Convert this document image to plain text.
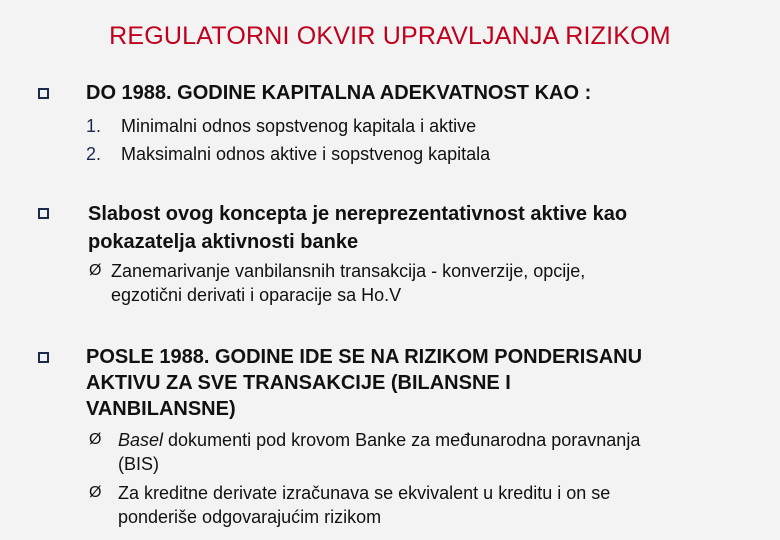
REGULATORNI OKVIR UPRAVLJANJA RIZIKOM
DO 1988. GODINE KAPITALNA ADEKVATNOST KAO :
1. Minimalni odnos sopstvenog kapitala i aktive
2. Maksimalni odnos aktive i sopstvenog kapitala
Slabost ovog koncepta je nereprezentativnost aktive kao
pokazatelja aktivnosti banke
Ø Zanemarivanje vanbilansnih transakcija - konverzije, opcije,
egzotični derivati i oparacije sa Ho.V
POSLE 1988. GODINE IDE SE NA RIZIKOM PONDERISANU
AKTIVU ZA SVE TRANSAKCIJE (BILANSNE I
VANBILANSNE)
Ø Basel dokumenti pod krovom Banke za međunarodna poravnanja
(BIS)
Ø Za kreditne derivate izračunava se ekvivalent u kreditu i on se
ponderiše odgovarajućim rizikom
